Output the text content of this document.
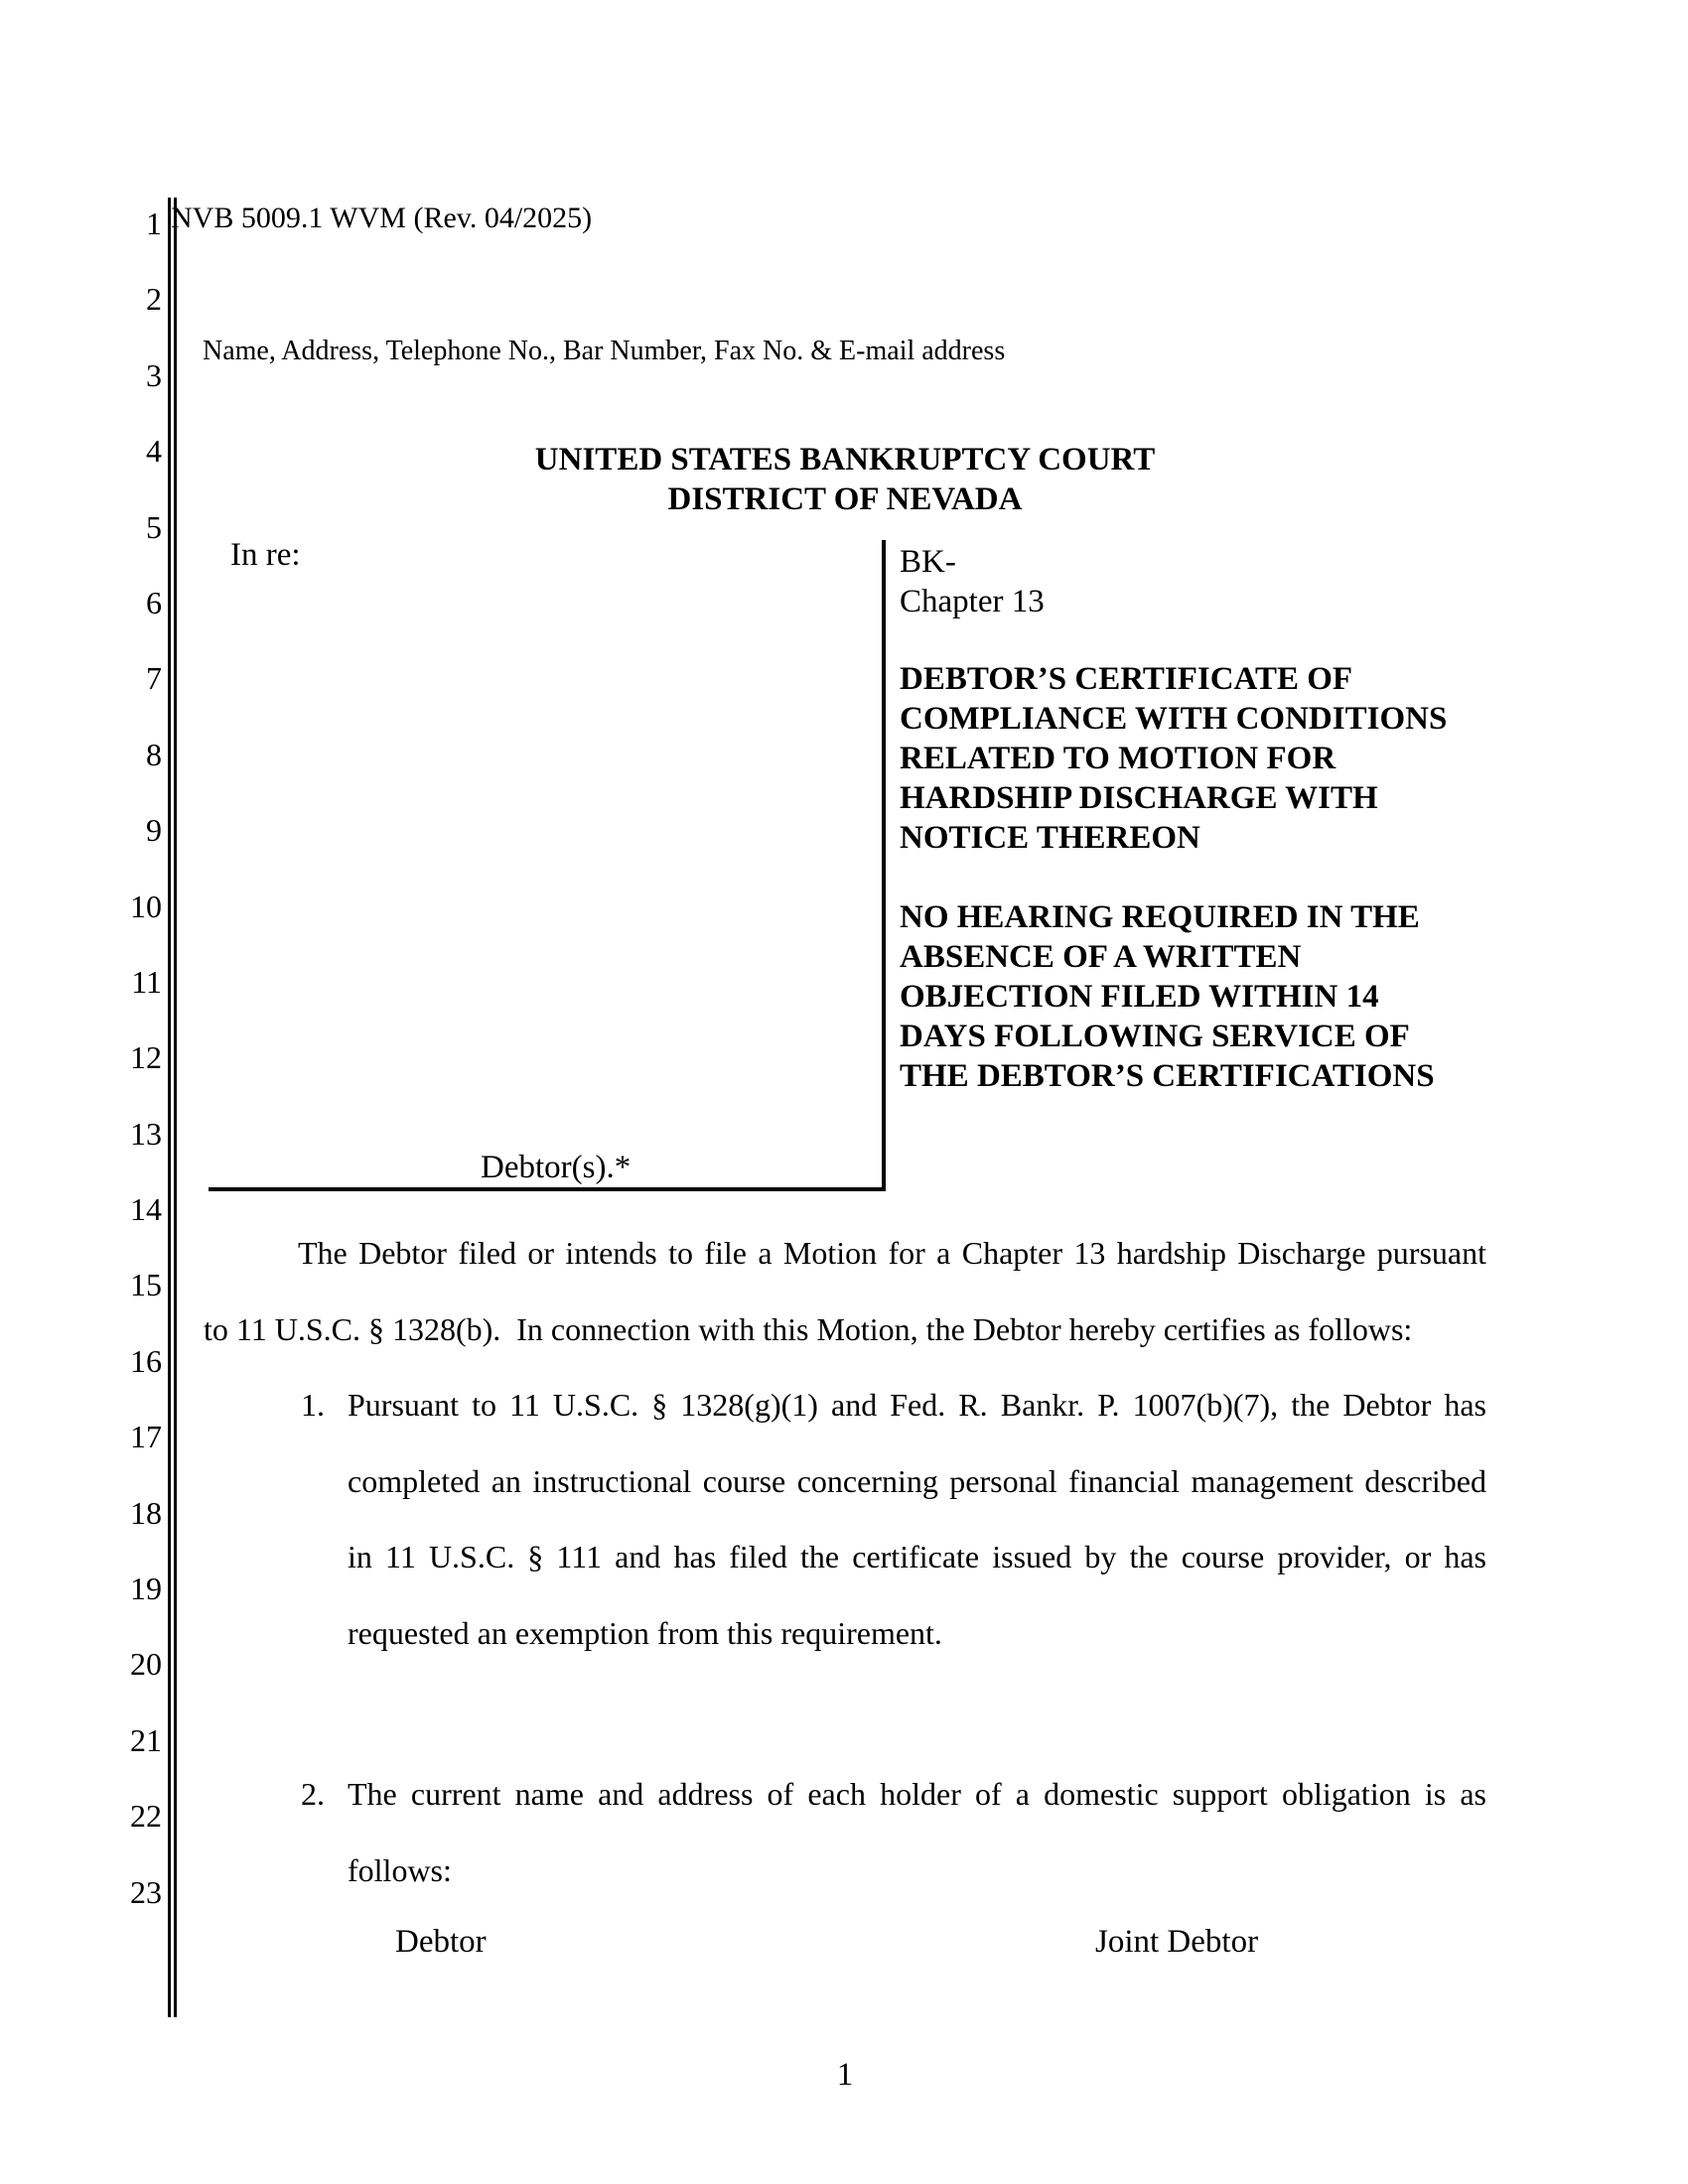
1
2
3
4
5
6
7
8
9
10
11
12
13
14
15
16
17
18
19
20
21
22
23
NVB 5009.1 WVM (Rev. 04/2025)
Name, Address, Telephone No., Bar Number, Fax No. & E-mail address
UNITED STATES BANKRUPTCY COURT
DISTRICT OF NEVADA
In re:	BK-
Chapter 13
DEBTOR’S CERTIFICATE OF
COMPLIANCE WITH CONDITIONS
RELATED TO MOTION FOR
HARDSHIP DISCHARGE WITH
NOTICE THEREON
NO HEARING REQUIRED IN THE
ABSENCE OF A WRITTEN
OBJECTION FILED WITHIN 14
DAYS FOLLOWING SERVICE OF
THE DEBTOR’S CERTIFICATIONS
Debtor(s).*
The Debtor filed or intends to file a Motion for a Chapter 13 hardship Discharge pursuant
to 11 U.S.C. § 1328(b).  In connection with this Motion, the Debtor hereby certifies as follows:
1. Pursuant to 11 U.S.C. § 1328(g)(1) and Fed. R. Bankr. P. 1007(b)(7), the Debtor has
completed an instructional course concerning personal financial management described
in 11 U.S.C. § 111 and has filed the certificate issued by the course provider, or has
requested an exemption from this requirement.
2. The current name and address of each holder of a domestic support obligation is as
follows:
Debtor	Joint Debtor
1
